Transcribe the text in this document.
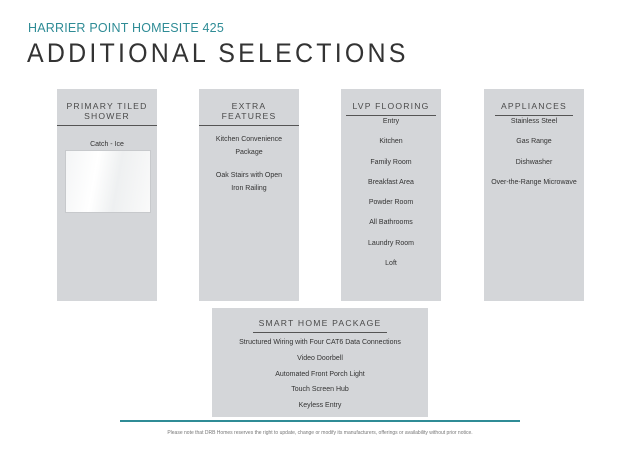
HARRIER POINT HOMESITE 425
ADDITIONAL SELECTIONS
PRIMARY TILED SHOWER
Catch - Ice
EXTRA FEATURES
Kitchen Convenience Package
Oak Stairs with Open Iron Railing
LVP FLOORING
Entry
Kitchen
Family Room
Breakfast Area
Powder Room
All Bathrooms
Laundry Room
Loft
APPLIANCES
Stainless Steel
Gas Range
Dishwasher
Over-the-Range Microwave
SMART HOME PACKAGE
Structured Wiring with Four CAT6 Data Connections
Video Doorbell
Automated Front Porch Light
Touch Screen Hub
Keyless Entry
Please note that DRB Homes reserves the right to update, change or modify its manufacturers, offerings or availability without prior notice.
